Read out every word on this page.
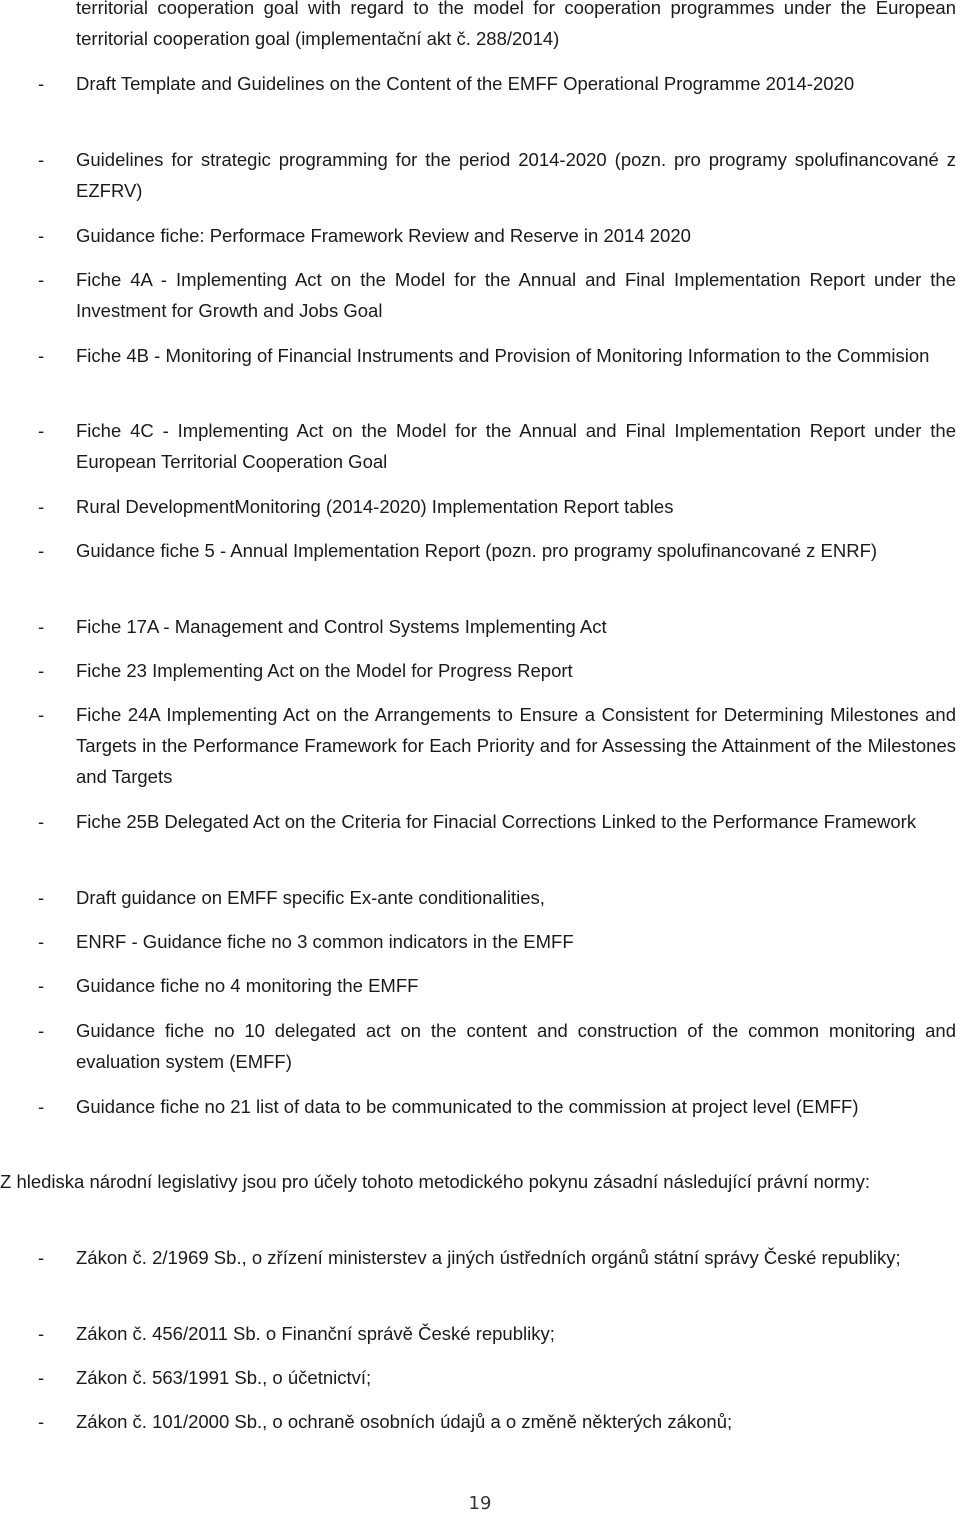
territorial cooperation goal with regard to the model for cooperation programmes under the European territorial cooperation goal (implementační akt č. 288/2014)
- Draft Template and Guidelines on the Content of the EMFF Operational Programme 2014-2020
- Guidelines for strategic programming for the period 2014-2020 (pozn. pro programy spolufinancované z EZFRV)
- Guidance fiche: Performace Framework Review and Reserve in 2014 2020
- Fiche 4A - Implementing Act on the Model for the Annual and Final Implementation Report under the Investment for Growth and Jobs Goal
- Fiche 4B - Monitoring of Financial Instruments and Provision of Monitoring Information to the Commision
- Fiche 4C - Implementing Act on the Model for the Annual and Final Implementation Report under the European Territorial Cooperation Goal
- Rural DevelopmentMonitoring (2014-2020) Implementation Report tables
- Guidance fiche 5 - Annual Implementation Report (pozn. pro programy spolufinancované z ENRF)
- Fiche 17A - Management and Control Systems Implementing Act
- Fiche 23 Implementing Act on the Model for Progress Report
- Fiche 24A Implementing Act on the Arrangements to Ensure a Consistent for Determining Milestones and Targets in the Performance Framework for Each Priority and for Assessing the Attainment of the Milestones and Targets
- Fiche 25B Delegated Act on the Criteria for Finacial Corrections Linked to the Performance Framework
- Draft guidance on EMFF specific Ex-ante conditionalities,
- ENRF - Guidance fiche no 3 common indicators in the EMFF
- Guidance fiche no 4 monitoring the EMFF
- Guidance fiche no 10 delegated act on the content and construction of the common monitoring and evaluation system (EMFF)
- Guidance fiche no 21 list of data to be communicated to the commission at project level (EMFF)
Z hlediska národní legislativy jsou pro účely tohoto metodického pokynu zásadní následující právní normy:
- Zákon č. 2/1969 Sb., o zřízení ministerstev a jiných ústředních orgánů státní správy České republiky;
- Zákon č. 456/2011 Sb. o Finanční správě České republiky;
- Zákon č. 563/1991 Sb., o účetnictví;
- Zákon č. 101/2000 Sb., o ochraně osobních údajů a o změně některých zákonů;
19
